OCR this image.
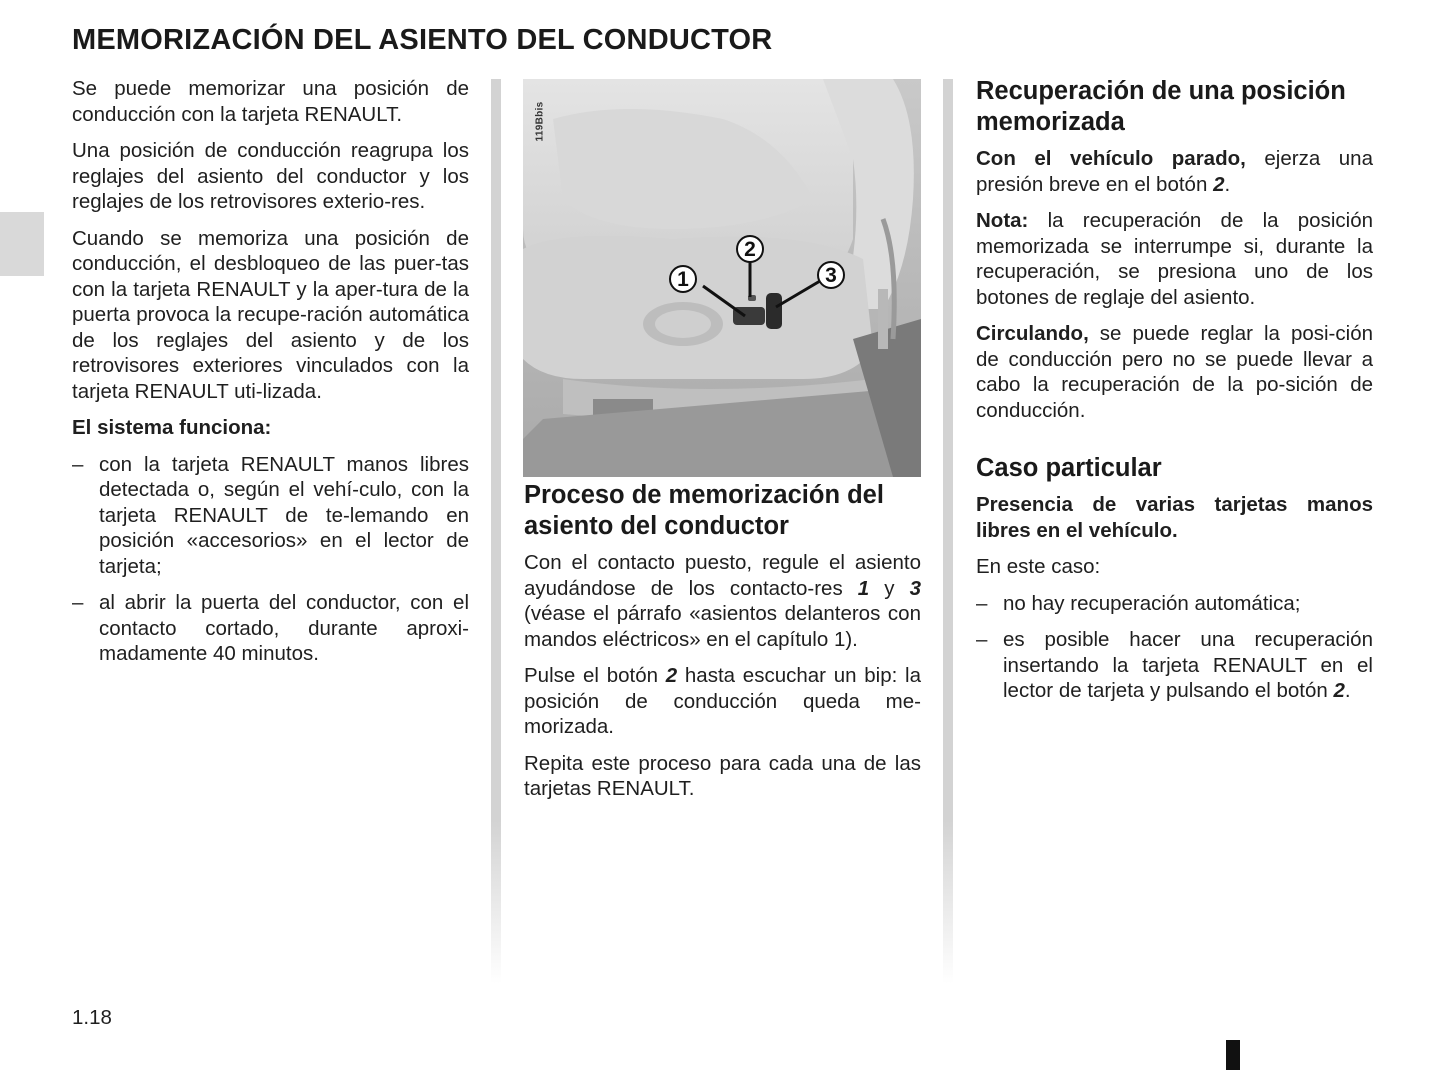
MEMORIZACIÓN DEL ASIENTO DEL CONDUCTOR

Se puede memorizar una posición de conducción con la tarjeta RENAULT.

Una posición de conducción reagrupa los reglajes del asiento del conductor y los reglajes de los retrovisores exterio-res.

Cuando se memoriza una posición de conducción, el desbloqueo de las puer-tas con la tarjeta RENAULT y la aper-tura de la puerta provoca la recupe-ración automática de los reglajes del asiento y de los retrovisores exteriores vinculados con la tarjeta RENAULT uti-lizada.

El sistema funciona:

– con la tarjeta RENAULT manos libres detectada o, según el vehí-culo, con la tarjeta RENAULT de te-lemando en posición «accesorios» en el lector de tarjeta;
– al abrir la puerta del conductor, con el contacto cortado, durante aproxi-madamente 40 minutos.
119Bbis
1
2
3
Proceso de memorización del asiento del conductor

Con el contacto puesto, regule el asiento ayudándose de los contacto-res 1 y 3 (véase el párrafo «asientos delanteros con mandos eléctricos» en el capítulo 1).

Pulse el botón 2 hasta escuchar un bip: la posición de conducción queda me-morizada.

Repita este proceso para cada una de las tarjetas RENAULT.

Recuperación de una posición memorizada

Con el vehículo parado, ejerza una presión breve en el botón 2.

Nota: la recuperación de la posición memorizada se interrumpe si, durante la recuperación, se presiona uno de los botones de reglaje del asiento.

Circulando, se puede reglar la posi-ción de conducción pero no se puede llevar a cabo la recuperación de la po-sición de conducción.

Caso particular

Presencia de varias tarjetas manos libres en el vehículo.

En este caso:

– no hay recuperación automática;
– es posible hacer una recuperación insertando la tarjeta RENAULT en el lector de tarjeta y pulsando el botón 2.

1.18
